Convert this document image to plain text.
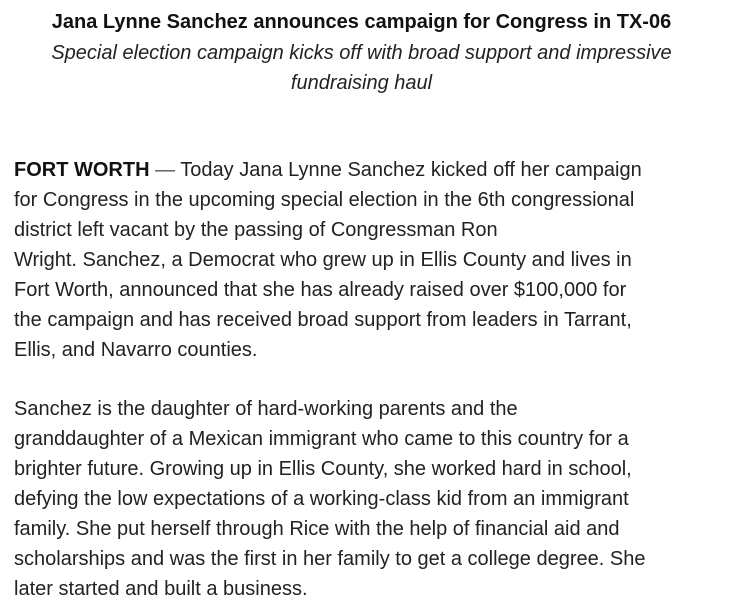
Jana Lynne Sanchez announces campaign for Congress in TX-06
Special election campaign kicks off with broad support and impressive fundraising haul

FORT WORTH — Today Jana Lynne Sanchez kicked off her campaign
for Congress in the upcoming special election in the 6th congressional
district left vacant by the passing of Congressman Ron
Wright. Sanchez, a Democrat who grew up in Ellis County and lives in
Fort Worth, announced that she has already raised over $100,000 for
the campaign and has received broad support from leaders in Tarrant,
Ellis, and Navarro counties.

Sanchez is the daughter of hard-working parents and the
granddaughter of a Mexican immigrant who came to this country for a
brighter future. Growing up in Ellis County, she worked hard in school,
defying the low expectations of a working-class kid from an immigrant
family. She put herself through Rice with the help of financial aid and
scholarships and was the first in her family to get a college degree. She
later started and built a business.
